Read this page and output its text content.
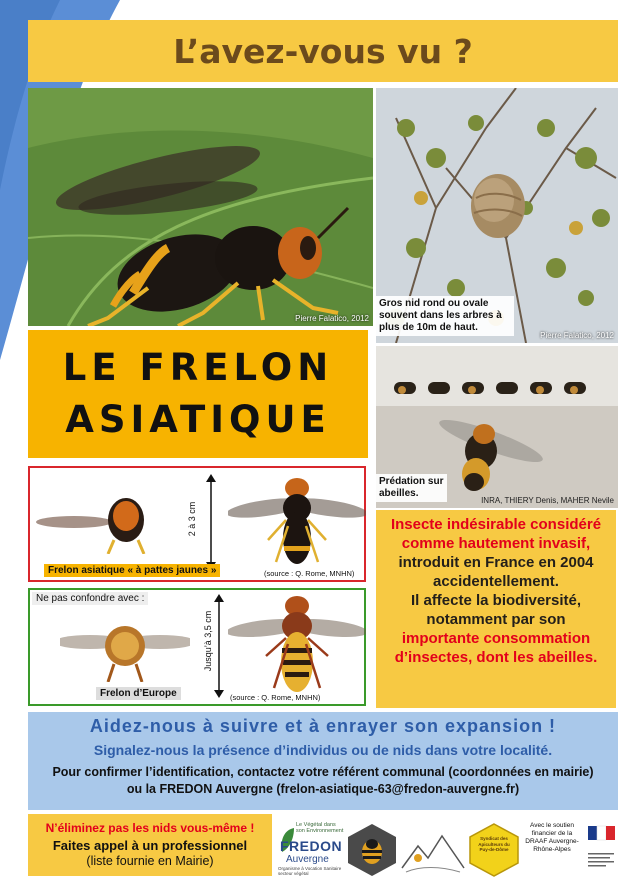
L’avez-vous vu ?
Pierre Falatico, 2012
Gros nid rond ou ovale souvent dans les arbres à plus de 10m de haut.
Pierre Falatico, 2012
Prédation sur abeilles.
INRA, THIERY Denis, MAHER Nevile
LE FRELON
ASIATIQUE
2 à 3 cm
Frelon asiatique « à pattes jaunes »	(source : Q. Rome, MNHN)
Ne pas confondre avec :
Jusqu’à 3,5 cm
Frelon d’Europe	(source : Q. Rome, MNHN)
Insecte indésirable considéré
comme hautement invasif,
introduit en France en 2004
accidentellement.
Il affecte la biodiversité,
notamment par son
importante consommation
d’insectes, dont les abeilles.
Aidez-nous à suivre et à enrayer son expansion !
Signalez-nous la présence d’individus ou de nids dans votre localité.
Pour confirmer l’identification, contactez votre référent communal (coordonnées en mairie)
ou la FREDON Auvergne (frelon-asiatique-63@fredon-auvergne.fr)
N’éliminez pas les nids vous-même !
Faites appel à un professionnel
(liste fournie en Mairie)
Le Végétal dans son Environnement
FREDON
Auvergne
Organisme à Vocation Sanitaire secteur végétal
Syndicat des Apiculteurs du Puy-de-Dôme
Avec le soutien financier de la DRAAF Auvergne-Rhône-Alpes
